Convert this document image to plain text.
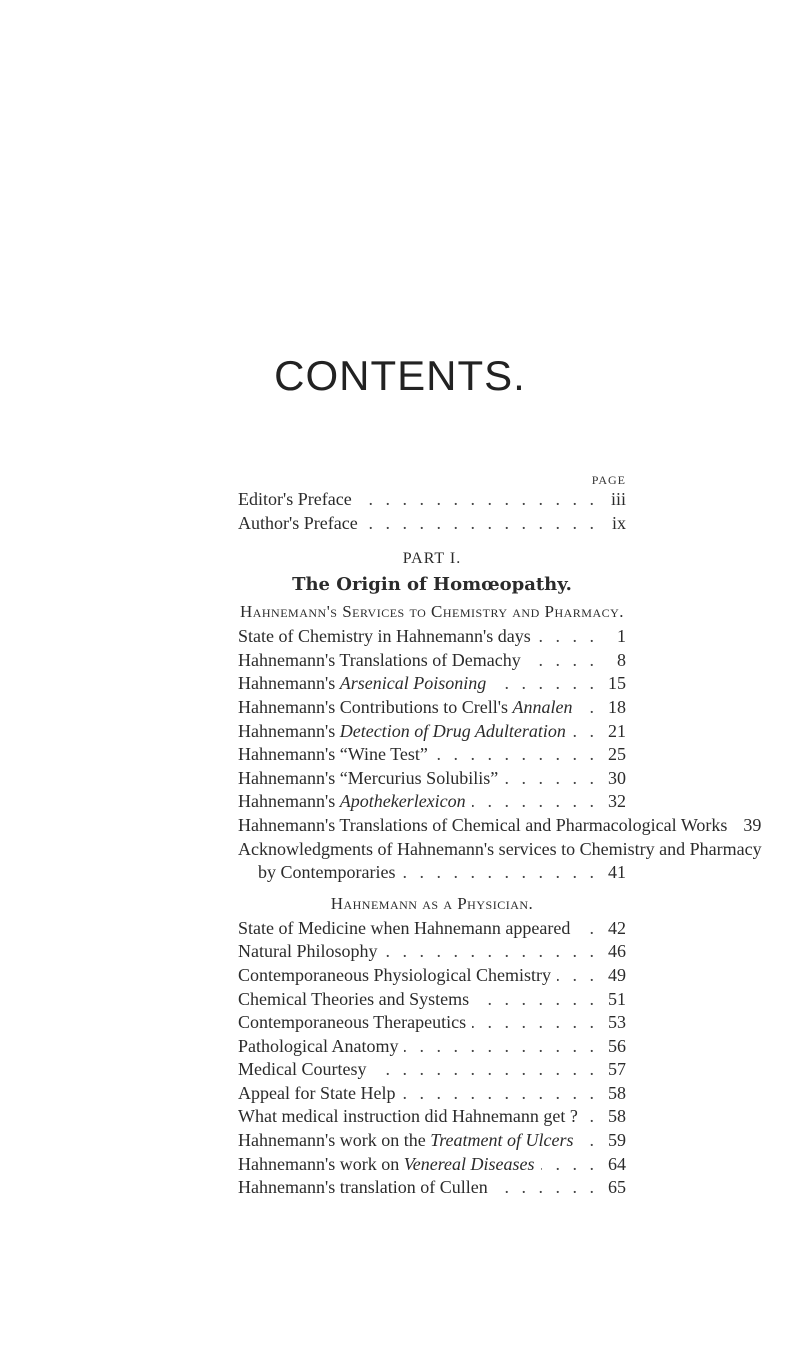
CONTENTS.
PAGE
Editor's Preface . . .	iii
Author's Preface . . .	ix
PART I.
The Origin of Homœopathy.
Hahnemann's Services to Chemistry and Pharmacy.
State of Chemistry in Hahnemann's days . . .	1
Hahnemann's Translations of Demachy . . .	8
Hahnemann's Arsenical Poisoning . . .	15
Hahnemann's Contributions to Crell's Annalen . . . 18
Hahnemann's Detection of Drug Adulteration . . . 21
Hahnemann's “Wine Test” . . .	25
Hahnemann's “Mercurius Solubilis” . . .	30
Hahnemann's Apothekerlexicon . . .	32
Hahnemann's Translations of Chemical and Pharmacological Works 39
Acknowledgments of Hahnemann's services to Chemistry and Pharmacy
by Contemporaries . . .	41
Hahnemann as a Physician.
State of Medicine when Hahnemann appeared . . . 42
Natural Philosophy . . .	46
Contemporaneous Physiological Chemistry . . .	49
Chemical Theories and Systems . . .	51
Contemporaneous Therapeutics . . .	53
Pathological Anatomy . . .	56
Medical Courtesy . . .	57
Appeal for State Help . . .	58
What medical instruction did Hahnemann get ? . . . 58
Hahnemann's work on the Treatment of Ulcers . . . 59
Hahnemann's work on Venereal Diseases . . .	64
Hahnemann's translation of Cullen . . .	65
